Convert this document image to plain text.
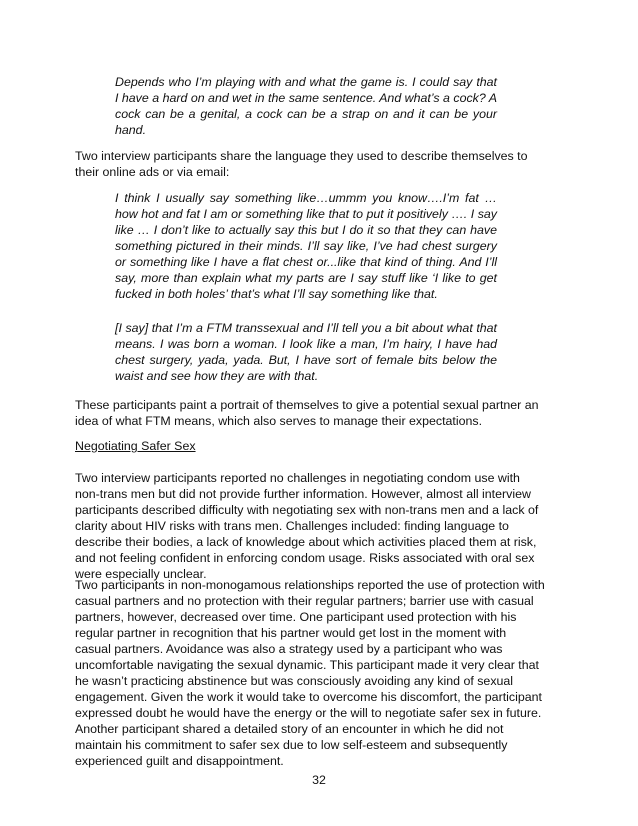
Depends who I’m playing with and what the game is. I could say that I have a hard on and wet in the same sentence. And what’s a cock? A cock can be a genital, a cock can be a strap on and it can be your hand.
Two interview participants share the language they used to describe themselves to their online ads or via email:
I think I usually say something like…ummm you know….I’m fat … how hot and fat I am or something like that to put it positively …. I say like … I don’t like to actually say this but I do it so that they can have something pictured in their minds. I’ll say like, I’ve had chest surgery or something like I have a flat chest or...like that kind of thing. And I’ll say, more than explain what my parts are I say stuff like ‘I like to get fucked in both holes’ that’s what I’ll say something like that.
[I say] that I’m a FTM transsexual and I’ll tell you a bit about what that means. I was born a woman. I look like a man, I’m hairy, I have had chest surgery, yada, yada. But, I have sort of female bits below the waist and see how they are with that.
These participants paint a portrait of themselves to give a potential sexual partner an idea of what FTM means, which also serves to manage their expectations.
Negotiating Safer Sex
Two interview participants reported no challenges in negotiating condom use with non-trans men but did not provide further information. However, almost all interview participants described difficulty with negotiating sex with non-trans men and a lack of clarity about HIV risks with trans men. Challenges included: finding language to describe their bodies, a lack of knowledge about which activities placed them at risk, and not feeling confident in enforcing condom usage. Risks associated with oral sex were especially unclear.
Two participants in non-monogamous relationships reported the use of protection with casual partners and no protection with their regular partners; barrier use with casual partners, however, decreased over time. One participant used protection with his regular partner in recognition that his partner would get lost in the moment with casual partners. Avoidance was also a strategy used by a participant who was uncomfortable navigating the sexual dynamic. This participant made it very clear that he wasn’t practicing abstinence but was consciously avoiding any kind of sexual engagement. Given the work it would take to overcome his discomfort, the participant expressed doubt he would have the energy or the will to negotiate safer sex in future. Another participant shared a detailed story of an encounter in which he did not maintain his commitment to safer sex due to low self-esteem and subsequently experienced guilt and disappointment.
32
